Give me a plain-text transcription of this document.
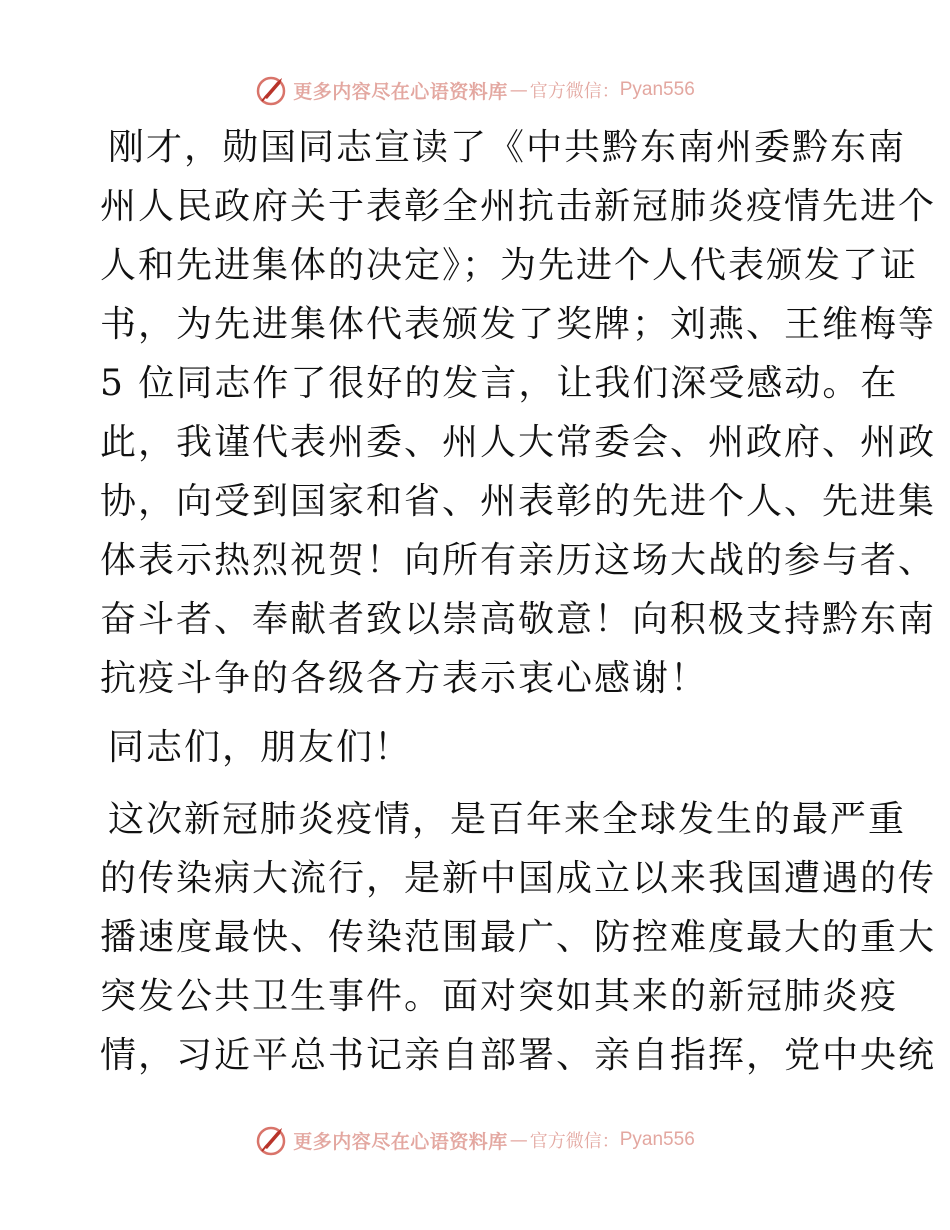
更多内容尽在心语资料库 — 官方微信： Pyan556

刚才，勋国同志宣读了《中共黔东南州委黔东南

州人民政府关于表彰全州抗击新冠肺炎疫情先进个

人和先进集体的决定》；为先进个人代表颁发了证

书，为先进集体代表颁发了奖牌；刘燕、王维梅等

5 位同志作了很好的发言，让我们深受感动。在

此，我谨代表州委、州人大常委会、州政府、州政

协，向受到国家和省、州表彰的先进个人、先进集

体表示热烈祝贺！向所有亲历这场大战的参与者、

奋斗者、奉献者致以崇高敬意！向积极支持黔东南

抗疫斗争的各级各方表示衷心感谢！

同志们，朋友们！

这次新冠肺炎疫情，是百年来全球发生的最严重

的传染病大流行，是新中国成立以来我国遭遇的传

播速度最快、传染范围最广、防控难度最大的重大

突发公共卫生事件。面对突如其来的新冠肺炎疫

情，习近平总书记亲自部署、亲自指挥，党中央统

更多内容尽在心语资料库 — 官方微信： Pyan556
